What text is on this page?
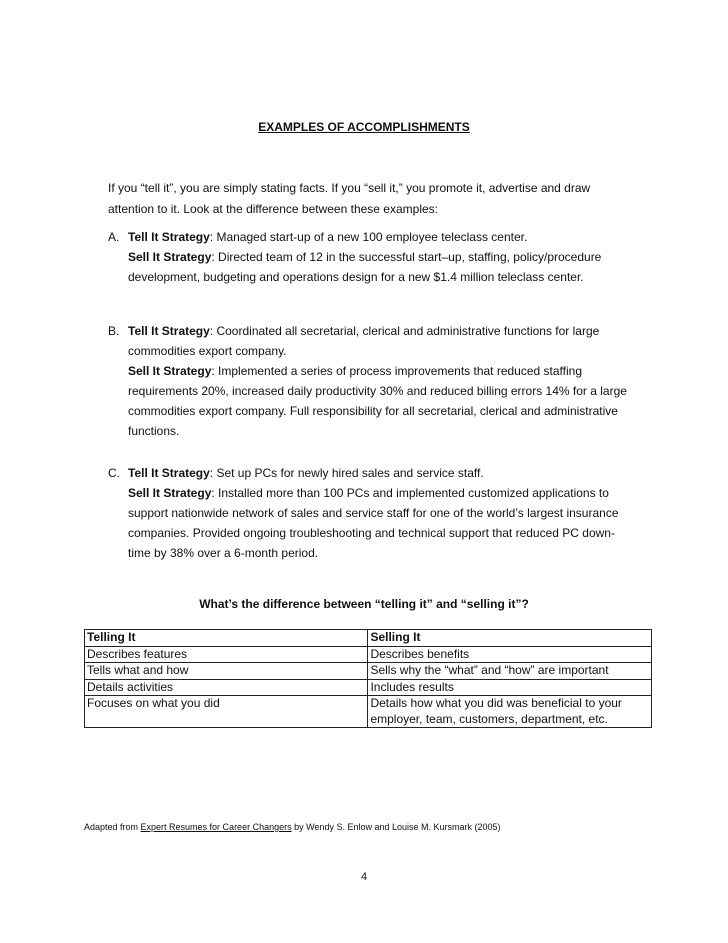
EXAMPLES OF ACCOMPLISHMENTS
If you “tell it”, you are simply stating facts. If you “sell it,” you promote it, advertise and draw attention to it. Look at the difference between these examples:
A. Tell It Strategy: Managed start-up of a new 100 employee teleclass center.
Sell It Strategy: Directed team of 12 in the successful start–up, staffing, policy/procedure development, budgeting and operations design for a new $1.4 million teleclass center.
B. Tell It Strategy: Coordinated all secretarial, clerical and administrative functions for large commodities export company.
Sell It Strategy: Implemented a series of process improvements that reduced staffing requirements 20%, increased daily productivity 30% and reduced billing errors 14% for a large commodities export company. Full responsibility for all secretarial, clerical and administrative functions.
C. Tell It Strategy: Set up PCs for newly hired sales and service staff.
Sell It Strategy: Installed more than 100 PCs and implemented customized applications to support nationwide network of sales and service staff for one of the world’s largest insurance companies. Provided ongoing troubleshooting and technical support that reduced PC down-time by 38% over a 6-month period.
What’s the difference between “telling it” and “selling it”?
Telling It	Selling It
Describes features	Describes benefits
Tells what and how	Sells why the “what” and “how” are important
Details activities	Includes results
Focuses on what you did	Details how what you did was beneficial to your employer, team, customers, department, etc.
Adapted from Expert Resumes for Career Changers by Wendy S. Enlow and Louise M. Kursmark (2005)
4
